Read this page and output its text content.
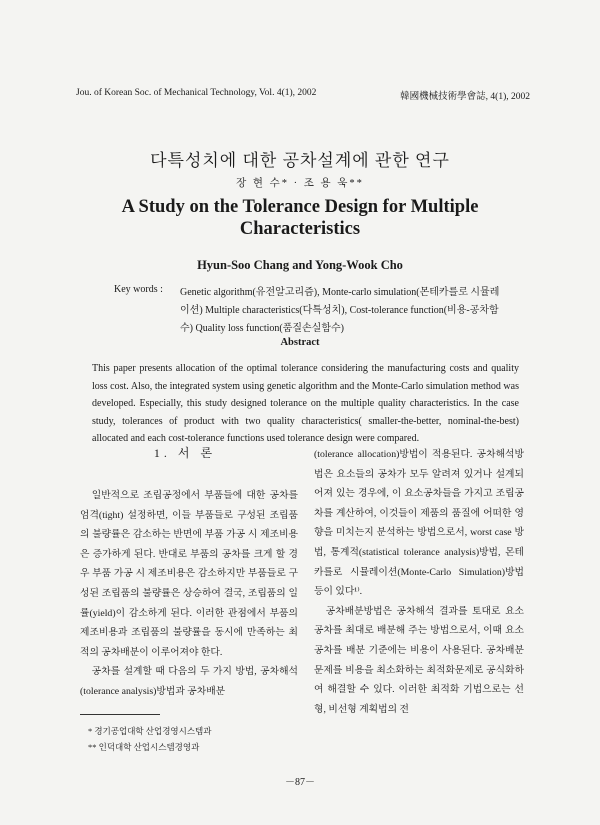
Jou. of Korean Soc. of Mechanical Technology, Vol. 4(1), 2002	韓國機械技術學會誌, 4(1), 2002
다특성치에 대한 공차설계에 관한 연구
장 현 수* · 조 용 욱**
A Study on the Tolerance Design for Multiple Characteristics
Hyun-Soo Chang and Yong-Wook Cho
Key words : Genetic algorithm(유전알고리즘), Monte-carlo simulation(몬테카를로 시뮬레이션) Multiple characteristics(다특성치), Cost-tolerance function(비용-공차함수) Quality loss function(품질손실함수)
Abstract
This paper presents allocation of the optimal tolerance considering the manufacturing costs and quality loss cost. Also, the integrated system using genetic algorithm and the Monte-Carlo simulation method was developed. Especially, this study designed tolerance on the multiple quality characteristics. In the case study, tolerances of product with two quality characteristics( smaller-the-better, nominal-the-best) allocated and each cost-tolerance functions used tolerance design were compared.
1. 서 론

일반적으로 조립공정에서 부품들에 대한 공차를 엄격(tight) 설정하면, 이들 부품들로 구성된 조립품의 불량률은 감소하는 반면에 부품 가공 시 제조비용은 증가하게 된다. 반대로 부품의 공차를 크게 할 경우 부품 가공 시 제조비용은 감소하지만 부품들로 구성된 조립품의 불량률은 상승하여 결국, 조립품의 일률(yield)이 감소하게 된다. 이러한 관점에서 부품의 제조비용과 조립품의 불량률을 동시에 만족하는 최적의 공차배분이 이루어져야 한다.

공차를 설계할 때 다음의 두 가지 방법, 공차해석(tolerance analysis)방법과 공차배분

(tolerance allocation)방법이 적용된다. 공차해석방법은 요소들의 공차가 모두 알려져 있거나 설계되어져 있는 경우에, 이 요소공차들을 가지고 조립공차를 계산하여, 이것들이 제품의 품질에 어떠한 영향을 미치는지 분석하는 방법으로서, worst case 방법, 통계적(statistical tolerance analysis)방법, 몬테카를로 시뮬레이션(Monte-Carlo Simulation)방법 등이 있다¹⁾.

공차배분방법은 공차해석 결과를 토대로 요소공차를 최대로 배분해 주는 방법으로서, 이때 요소공차를 배분 기준에는 비용이 사용된다. 공차배분 문제를 비용을 최소화하는 최적화문제로 공식화하여 해결할 수 있다. 이러한 최적화 기법으로는 선형, 비선형 계획법의 전

* 경기공업대학 산업경영시스템과
** 인덕대학 산업시스템경영과
－87－
